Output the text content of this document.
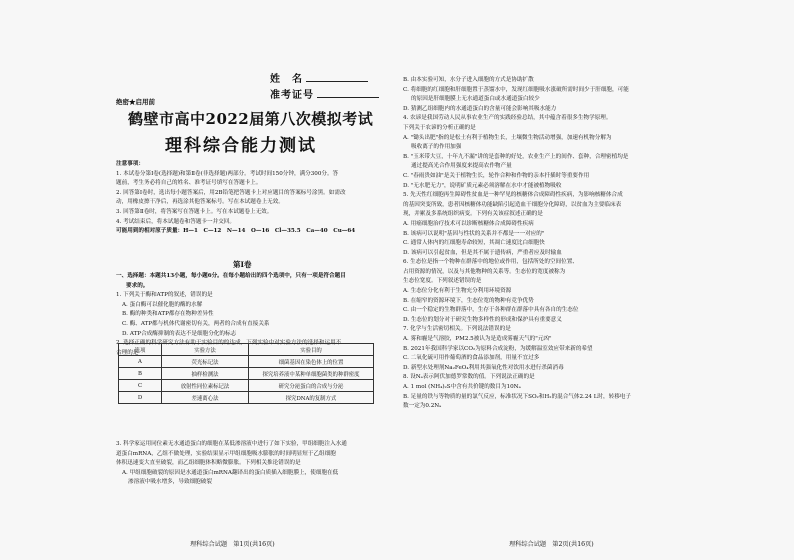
姓　名
准考证号
绝密★启用前
鹤壁市高中2022届第八次模拟考试
理科综合能力测试
注意事项：
1. 本试卷分第Ⅰ卷(选择题)和第Ⅱ卷(非选择题)两部分。考试时间150分钟，满分300分。答
题前，考生务必将自己的姓名、准考证号填写在答题卡上。
2. 回答第Ⅰ卷时，选出每小题答案后，用2B铅笔把答题卡上对应题目的答案标号涂黑。如需改
动，用橡皮擦干净后，再选涂其他答案标号。写在本试题卷上无效。
3. 回答第Ⅱ卷时，将答案写在答题卡上。写在本试题卷上无效。
4. 考试结束后，将本试题卷和答题卡一并交回。
可能用到的相对原子质量：H—1　C—12　N—14　O—16　Cl—35.5　Ca—40　Cu—64
第Ⅰ卷
一、选择题：本题共13小题，每小题6分。在每小题给出的四个选项中，只有一项是符合题目
要求的。
1. 下列关于酶和ATP的叙述，错误的是
A. 蛋白酶可以催化胞的酶的水解
B. 酶的种类和ATP都存在物种差异性
C. 酶、ATP都与机体代谢密切有关，两者的合成有直接关系
D. ATP合成酶抑制的表达不是细胞分化的标志
2. 选择正确的科学研究方法有助于实验目的的达成，下列实验中对实验方法的选择和运用不
合理的是
选项	实验方法	实验目的
A	荧光标记法	细菌基因在染色体上的位置
B	抽样检测法	探究培养液中某种单细胞菌类的种群密度
C	放射性同位素标记法	研究分泌蛋白的合成与分泌
D	差速离心法	探究DNA的复制方式
3. 科学家运用同位素无水通道蛋白的细胞在某低渗溶液中进行了如下实验，甲组细胞注入水通
道蛋白mRNA，乙组不做处理，实验结果显示甲组细胞吸水膨胀的时间明显短于乙组细胞
体积迅速变大直至破裂，而乙组细胞体积略微膨胀。下列相关推论错误的是
A. 甲组细胞破裂的原因是水通道蛋白mRNA翻译出的蛋白质插入细胞膜上，使细胞在低
渗溶液中吸水增多，导致细胞破裂
理科综合试题　第1页(共16页)
B. 由本实验可知，水分子进入细胞的方式是协助扩散
C. 将细胞的红细胞和肝细胞置于蒸馏水中，发现红细胞吸水涨破所需时间少于肝细胞，可能
的原因是肝细胞膜上无水通道蛋白或水通道蛋白较少
D. 猜测乙组细胞内的水通道蛋白的含量可能会影响其吸水能力
4. 农谚是我国劳动人民从事农业生产的实践经验总结，其中蕴含着很多生物学原理。
下列关于农谚的分析正确的是
A. "锄头出肥"指的是松土有利于植物生长，土壤微生物活动增强，加速有机物分解为
吸收离子的作用加强
B. "玉米带大豆，十年九不漏"讲的是套种的好处，农业生产上的间作、套种，合理密植均是
通过提高光合作用强度来提高农作物产量
C. "春雨贵如油"是关于植物生长，轮作合种和作物的亲本扦插时等重要作用
D. "无水肥无力"，说明矿质元素必须溶解在水中才能被植物吸收
5. 先天性红细胞再生障碍性贫血是一种罕见的核糖体合成障碍性疾病，为影响核糖体合成
的基因突变所致，患者因核糖体功能缺陷引起造血干细胞分化障碍，以贫血为主要临床表
现，并累及多系统组织病变。下列有关该症叙述正确的是
A. 用癌细胞治疗技术可以诊断核糖体合成障碍性疾病
B. 该病可以说明"基因与性状的关系并不都是一一对应的"
C. 通常人体内的红细胞寿命较短，其凋亡速度比白细胞快
D. 该病可以引起贫血，但是其不属于遗传病，严重者应及时输血
6. 生态位是指一个物种在群落中的地位或作用，包括所处的空间位置、
占用资源的情况，以及与其他物种的关系等。生态位的宽度被称为
生态位宽度。下列叙述错误的是
A. 生态位分化有利于生物充分利用环境资源
B. 在缩窄的资源环境下，生态位宽的物种有竞争优势
C. 由一个稳定的生物群落中，生存于各种群在群落中具有各自的生态位
D. 生态位的划分对于研究生物多样性的形成和保护具有重要意义
7. 化学与生活密切相关。下列说法错误的是
A. 雾和霾是气溶胶，PM2.5被认为是造成雾霾天气的"元凶"
B. 2021年我国科学家以CO₂为原料合成淀粉，为缓解温室效应带来新的希望
C. 二氧化硫可用作葡萄酒的食品添加剂，用量不宜过多
D. 新型水处理剂Na₂FeO₄利用其强氧化性对饮用水进行杀菌消毒
8. 设Nₐ表示阿伏加德罗常数的值。下列说法正确的是
A. 1 mol (NH₄)₂S中含有共价键的数目为10Nₐ
B. 足量的铁与等物质的量的氯气反应，标准状况下SO₂和H₂的混合气体2.24 L时，转移电子
数一定为0.2Nₐ
理科综合试题　第2页(共16页)
